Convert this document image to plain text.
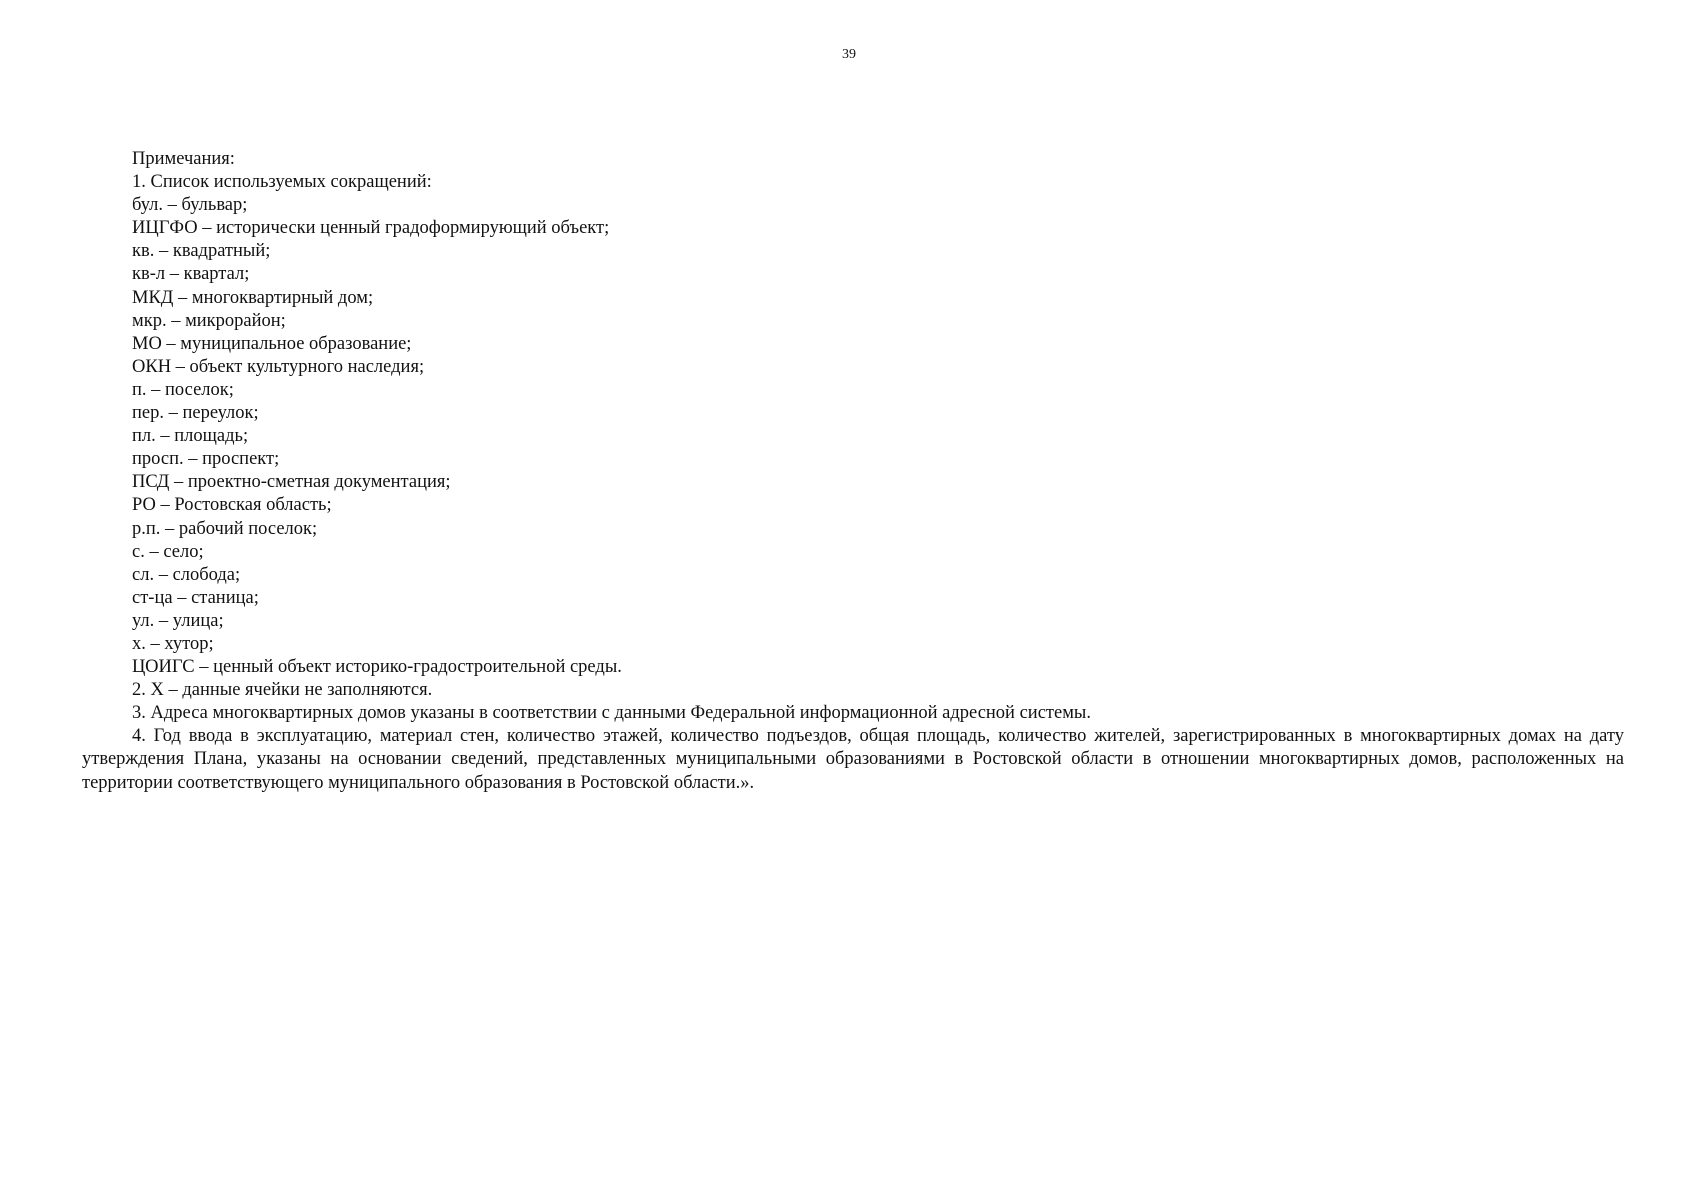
39

Примечания:

1. Список используемых сокращений:

бул. – бульвар;

ИЦГФО – исторически ценный градоформирующий объект;

кв. – квадратный;

кв-л – квартал;

МКД – многоквартирный дом;

мкр. – микрорайон;

МО – муниципальное образование;

ОКН – объект культурного наследия;

п. – поселок;

пер. – переулок;

пл. – площадь;

просп. – проспект;

ПСД – проектно-сметная документация;

РО – Ростовская область;

р.п. – рабочий поселок;

с. – село;

сл. – слобода;

ст-ца – станица;

ул. – улица;

х. – хутор;

ЦОИГС – ценный объект историко-градостроительной среды.

2. Х – данные ячейки не заполняются.

3. Адреса многоквартирных домов указаны в соответствии с данными Федеральной информационной адресной системы.

4. Год ввода в эксплуатацию, материал стен, количество этажей, количество подъездов, общая площадь, количество жителей, зарегистрированных в многоквартирных домах на дату утверждения Плана, указаны на основании сведений, представленных муниципальными образованиями в Ростовской области в отношении многоквартирных домов, расположенных на территории соответствующего муниципального образования в Ростовской области.».
